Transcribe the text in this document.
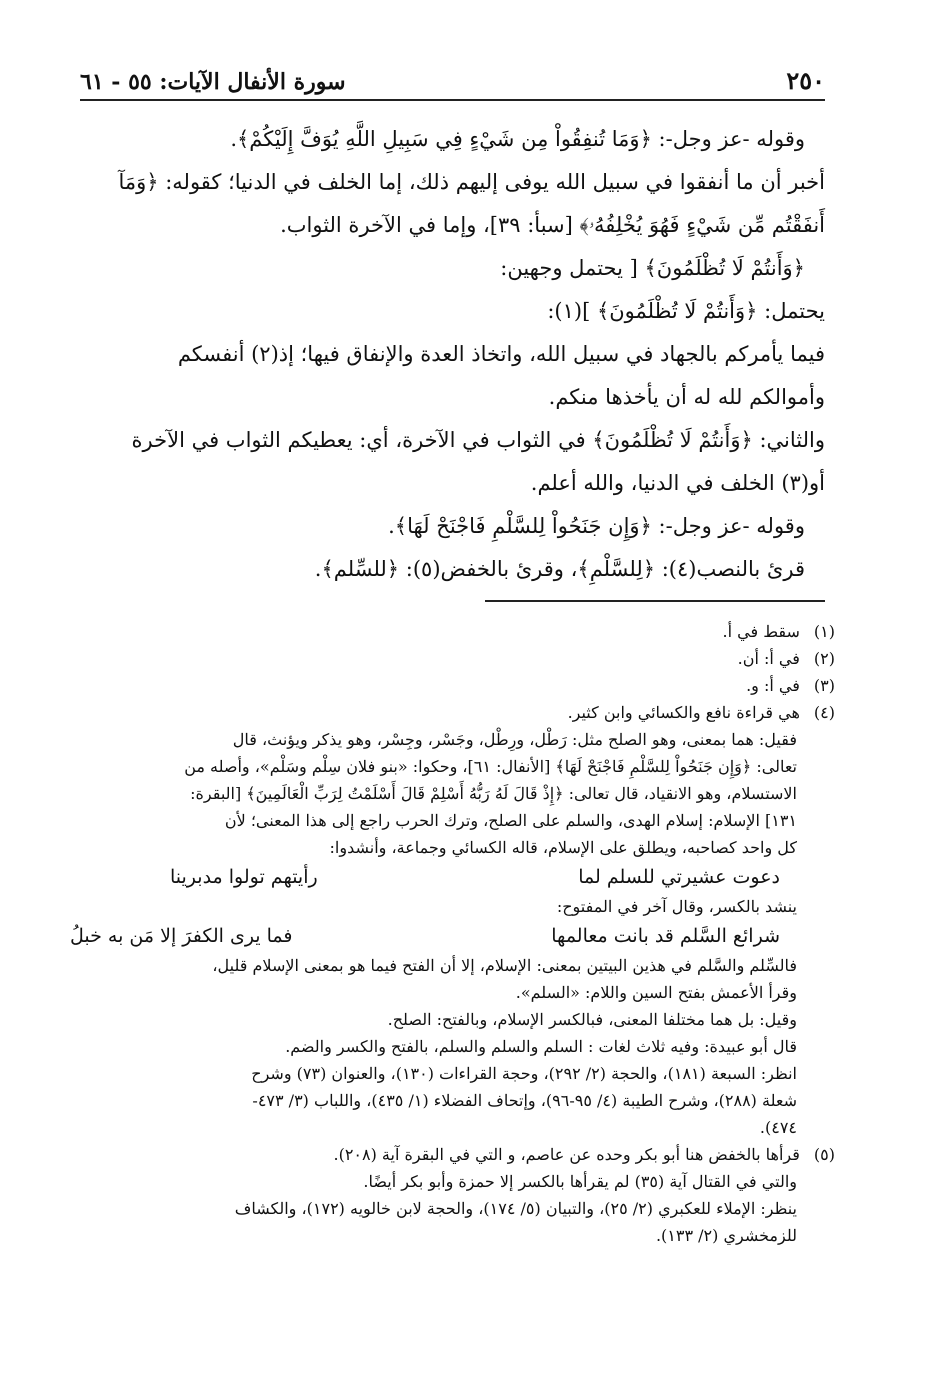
٢٥٠
سورة الأنفال الآيات: ٥٥ - ٦١

وقوله -عز وجل-: ﴿وَمَا تُنفِقُواْ مِن شَيْءٍ فِي سَبِيلِ اللَّهِ يُوَفَّ إِلَيْكُمْ﴾.

أخبر أن ما أنفقوا في سبيل الله يوفى إليهم ذلك، إما الخلف في الدنيا؛ كقوله: ﴿وَمَآ

أَنفَقْتُم مِّن شَيْءٍ فَهُوَ يُخْلِفُهُۥ﴾ [سبأ: ٣٩]، وإما في الآخرة الثواب.

﴿وَأَنتُمْ لَا تُظْلَمُونَ﴾ [ يحتمل وجهين:

يحتمل: ﴿وَأَنتُمْ لَا تُظْلَمُونَ﴾ ](١):

فيما يأمركم بالجهاد في سبيل الله، واتخاذ العدة والإنفاق فيها؛ إذ(٢) أنفسكم

وأموالكم لله له أن يأخذها منكم.

والثاني: ﴿وَأَنتُمْ لَا تُظْلَمُونَ﴾ في الثواب في الآخرة، أي: يعطيكم الثواب في الآخرة

أو(٣) الخلف في الدنيا، والله أعلم.

وقوله -عز وجل-: ﴿وَإِن جَنَحُواْ لِلسَّلْمِ فَاجْنَحْ لَهَا﴾.

قرئ بالنصب(٤): ﴿لِلسَّلْمِ﴾، وقرئ بالخفض(٥): ﴿للسِّلم﴾.

(١) سقط في أ.

(٢) في أ: أن.

(٣) في أ: و.

(٤) هي قراءة نافع والكسائي وابن كثير.

فقيل: هما بمعنى، وهو الصلح مثل: رَطْل، ورِطْل، وجَسْر، وجِسْر، وهو يذكر ويؤنث، قال

تعالى: ﴿وَإِن جَنَحُواْ لِلسَّلْمِ فَاجْنَحْ لَهَا﴾ [الأنفال: ٦١]، وحكوا: «بنو فلان سِلْم وسَلْم»، وأصله من

الاستسلام، وهو الانقياد، قال تعالى: ﴿إِذْ قَالَ لَهُ رَبُّهُ أَسْلِمْ قَالَ أَسْلَمْتُ لِرَبِّ الْعَالَمِينَ﴾ [البقرة:

١٣١] الإسلام: إسلام الهدى، والسلم على الصلح، وترك الحرب راجع إلى هذا المعنى؛ لأن

كل واحد كصاحبه، ويطلق على الإسلام، قاله الكسائي وجماعة، وأنشدوا:

دعوت عشيرتي للسلم لما
رأيتهم تولوا مدبرينا

ينشد بالكسر، وقال آخر في المفتوح:

شرائع السَّلم قد بانت معالمها
فما يرى الكفرَ إلا مَن به خبلُ

فالسِّلم والسَّلم في هذين البيتين بمعنى: الإسلام، إلا أن الفتح فيما هو بمعنى الإسلام قليل،

وقرأ الأعمش بفتح السين واللام: «السلم».

وقيل: بل هما مختلفا المعنى، فبالكسر الإسلام، وبالفتح: الصلح.

قال أبو عبيدة: وفيه ثلاث لغات : السلم والسلم والسلم، بالفتح والكسر والضم.

انظر: السبعة (١٨١)، والحجة (٢/ ٢٩٢)، وحجة القراءات (١٣٠)، والعنوان (٧٣) وشرح

شعلة (٢٨٨)، وشرح الطيبة (٤/ ٩٥-٩٦)، وإتحاف الفضلاء (١/ ٤٣٥)، واللباب (٣/ ٤٧٣-

٤٧٤).

(٥) قرأها بالخفض هنا أبو بكر وحده عن عاصم، و التي في البقرة آية (٢٠٨).

والتي في القتال آية (٣٥) لم يقرأها بالكسر إلا حمزة وأبو بكر أيضًا.

ينظر: الإملاء للعكبري (٢/ ٢٥)، والتبيان (٥/ ١٧٤)، والحجة لابن خالويه (١٧٢)، والكشاف

للزمخشري (٢/ ١٣٣).
